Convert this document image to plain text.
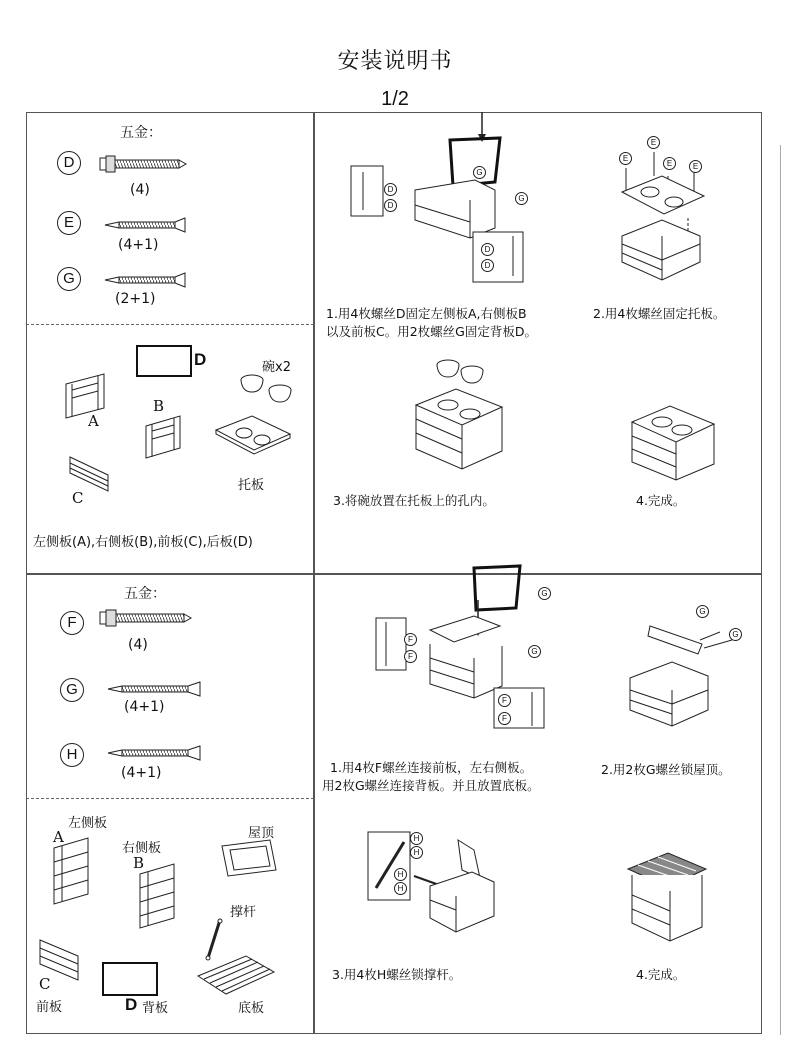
安装说明书
1/2
五金：
D
(4)
E
(4+1)
G
(2+1)
D	碗x2
A
B
托板
C
左侧板(A),右侧板(B),前板(C),后板(D)
D
D
G
G
D
D
1.用4枚螺丝D固定左侧板A,右侧板B
以及前板C。用2枚螺丝G固定背板D。
E
E
E	E
2.用4枚螺丝固定托板。
3.将碗放置在托板上的孔内。	4.完成。
五金：
F
(4)
G
(4+1)
H
(4+1)
左侧板
A
右侧板
B
屋顶
撑杆
C
前板	D 背板	底板
G
G
F
F
F
F
1.用4枚F螺丝连接前板，左右侧板。
用2枚G螺丝连接背板。并且放置底板。
G
G
2.用2枚G螺丝锁屋顶。
H
H
H
H
3.用4枚H螺丝锁撑杆。	4.完成。
